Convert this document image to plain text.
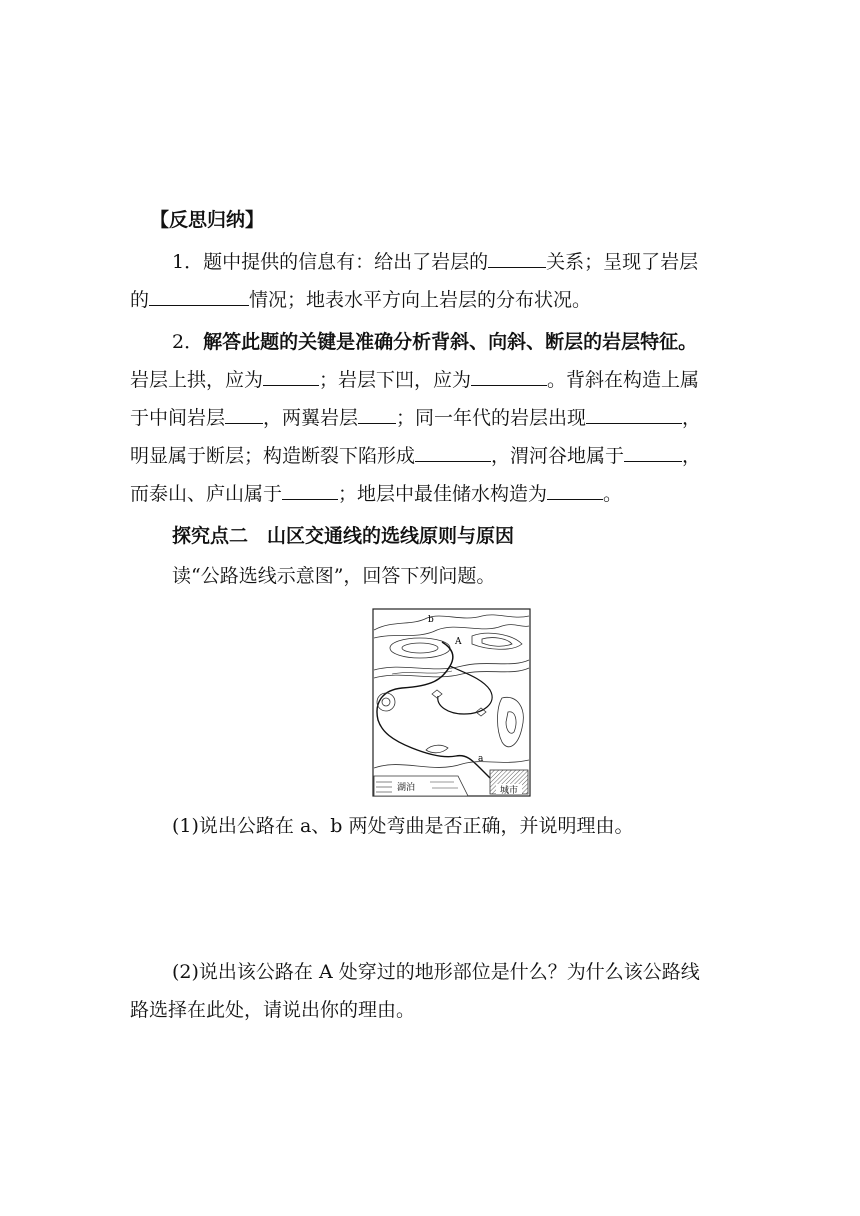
【反思归纳】
1．题中提供的信息有：给出了岩层的	关系；呈现了岩层
的	情况；地表水平方向上岩层的分布状况。
2．解答此题的关键是准确分析背斜、向斜、断层的岩层特征。
岩层上拱，应为	；岩层下凹，应为	。背斜在构造上属
于中间岩层 ，两翼岩层 ；同一年代的岩层出现	，
明显属于断层；构造断裂下陷形成	，渭河谷地属于	，
而泰山、庐山属于	；地层中最佳储水构造为	。
探究点二　山区交通线的选线原则与原因
读“公路选线示意图”，回答下列问题。
城市
湖泊
b
A
a
(1)说出公路在 a、b 两处弯曲是否正确，并说明理由。
(2)说出该公路在 A 处穿过的地形部位是什么？为什么该公路线
路选择在此处，请说出你的理由。
